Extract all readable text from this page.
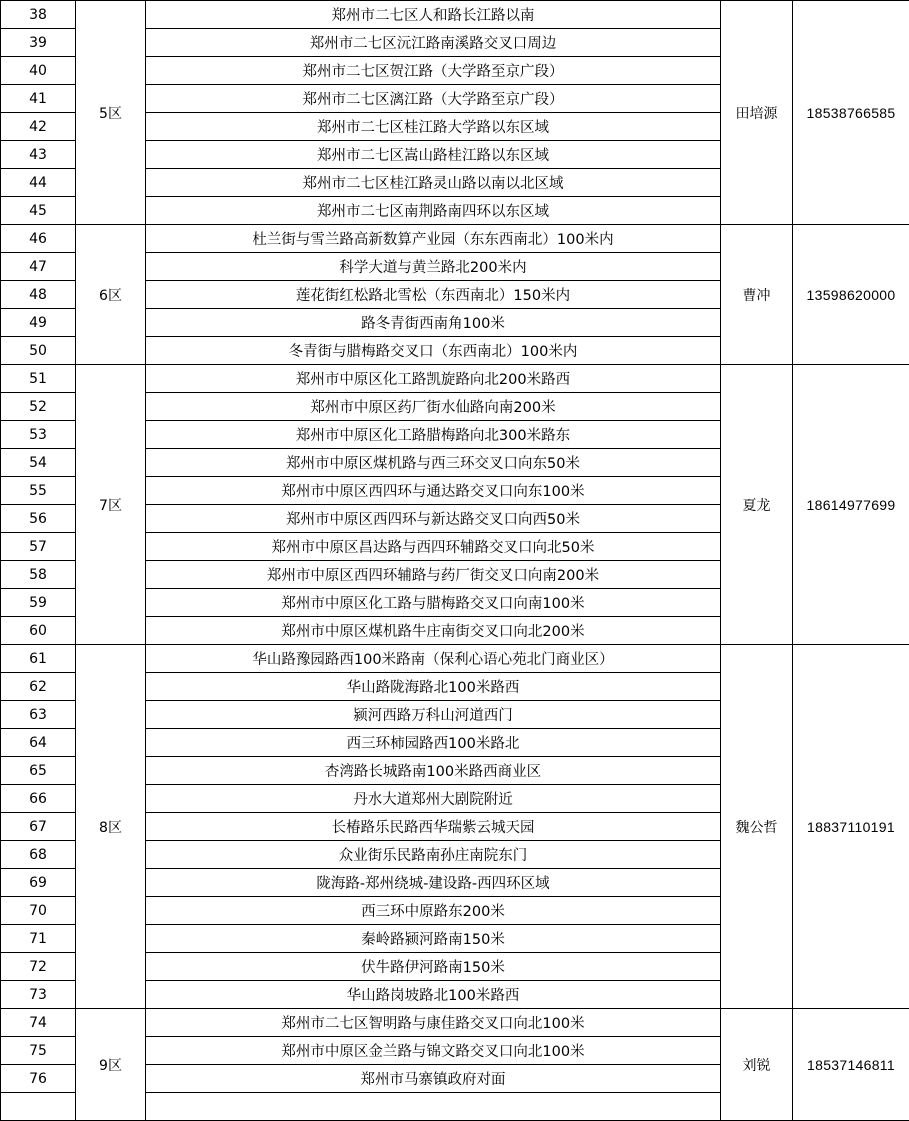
38	5区	郑州市二七区人和路长江路以南	田培源	18538766585
39		郑州市二七区沅江路南溪路交叉口周边		
40		郑州市二七区贺江路（大学路至京广段）		
41		郑州市二七区漓江路（大学路至京广段）		
42		郑州市二七区桂江路大学路以东区域		
43		郑州市二七区嵩山路桂江路以东区域		
44		郑州市二七区桂江路灵山路以南以北区域		
45		郑州市二七区南荆路南四环以东区域		
46	6区	杜兰街与雪兰路高新数算产业园（东东西南北）100米内	曹冲	13598620000
47		科学大道与黄兰路北200米内		
48		莲花街红松路北雪松（东西南北）150米内		
49		路冬青街西南角100米		
50		冬青街与腊梅路交叉口（东西南北）100米内		
51	7区	郑州市中原区化工路凯旋路向北200米路西	夏龙	18614977699
52		郑州市中原区药厂街水仙路向南200米		
53		郑州市中原区化工路腊梅路向北300米路东		
54		郑州市中原区煤机路与西三环交叉口向东50米		
55		郑州市中原区西四环与通达路交叉口向东100米		
56		郑州市中原区西四环与新达路交叉口向西50米		
57		郑州市中原区昌达路与西四环辅路交叉口向北50米		
58		郑州市中原区西四环辅路与药厂街交叉口向南200米		
59		郑州市中原区化工路与腊梅路交叉口向南100米		
60		郑州市中原区煤机路牛庄南街交叉口向北200米		
61	8区	华山路豫园路西100米路南（保利心语心苑北门商业区）	魏公哲	18837110191
62		华山路陇海路北100米路西		
63		颍河西路万科山河道西门		
64		西三环柿园路西100米路北		
65		杏湾路长城路南100米路西商业区		
66		丹水大道郑州大剧院附近		
67		长椿路乐民路西华瑞紫云城天园		
68		众业街乐民路南孙庄南院东门		
69		陇海路-郑州绕城-建设路-西四环区域		
70		西三环中原路东200米		
71		秦岭路颍河路南150米		
72		伏牛路伊河路南150米		
73		华山路岗坡路北100米路西		
74	9区	郑州市二七区智明路与康佳路交叉口向北100米	刘锐	18537146811
75		郑州市中原区金兰路与锦文路交叉口向北100米		
76		郑州市马寨镇政府对面		
